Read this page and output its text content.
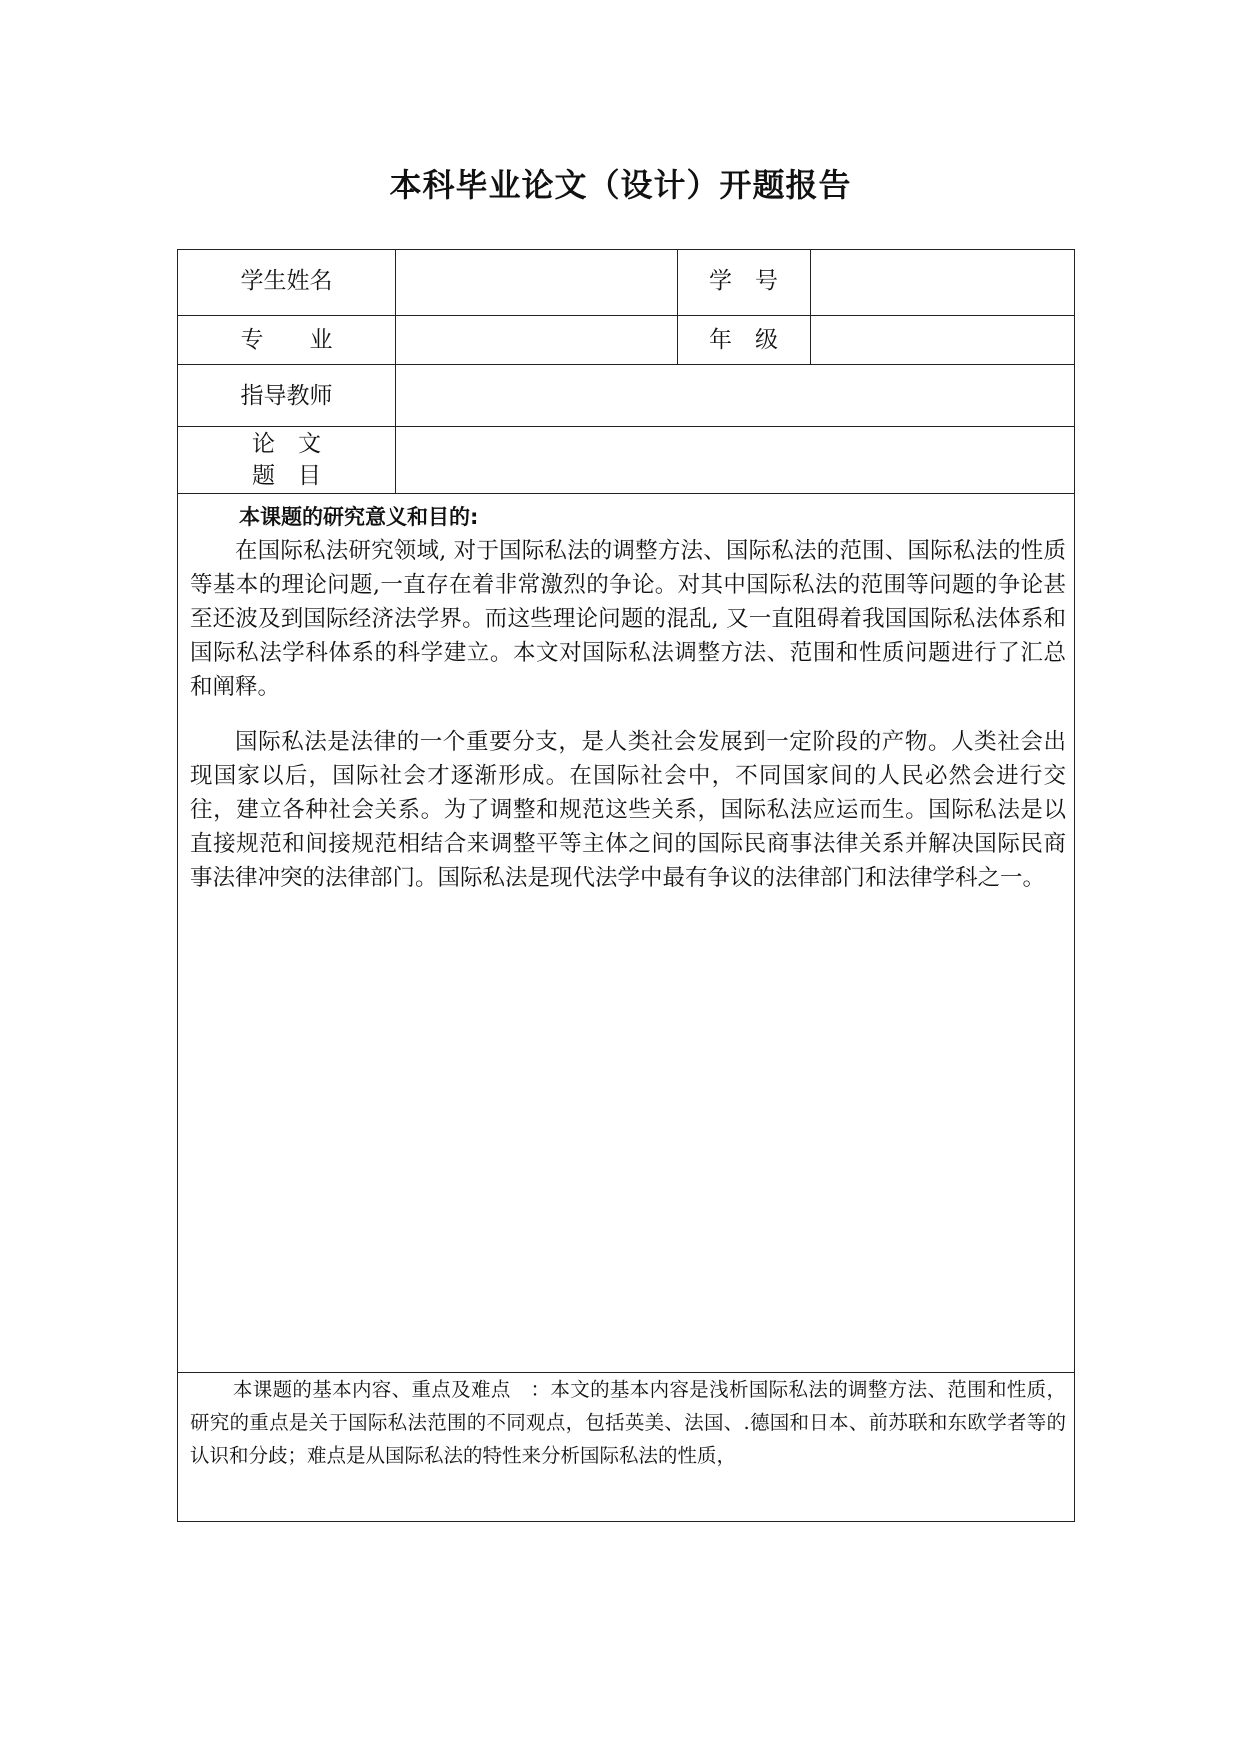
本科毕业论文（设计）开题报告
学生姓名	学　号
专　　业	年　级
指导教师
论　文
题　目
本课题的研究意义和目的:

在国际私法研究领域, 对于国际私法的调整方法、国际私法的范围、国际私法的性质等基本的理论问题,一直存在着非常激烈的争论。对其中国际私法的范围等问题的争论甚至还波及到国际经济法学界。而这些理论问题的混乱, 又一直阻碍着我国国际私法体系和国际私法学科体系的科学建立。本文对国际私法调整方法、范围和性质问题进行了汇总和阐释。

国际私法是法律的一个重要分支，是人类社会发展到一定阶段的产物。人类社会出现国家以后，国际社会才逐渐形成。在国际社会中，不同国家间的人民必然会进行交往，建立各种社会关系。为了调整和规范这些关系，国际私法应运而生。国际私法是以直接规范和间接规范相结合来调整平等主体之间的国际民商事法律关系并解决国际民商事法律冲突的法律部门。国际私法是现代法学中最有争议的法律部门和法律学科之一。

本课题的基本内容、重点及难点　：本文的基本内容是浅析国际私法的调整方法、范围和性质，研究的重点是关于国际私法范围的不同观点，包括英美、法国、.德国和日本、前苏联和东欧学者等的认识和分歧；难点是从国际私法的特性来分析国际私法的性质，
